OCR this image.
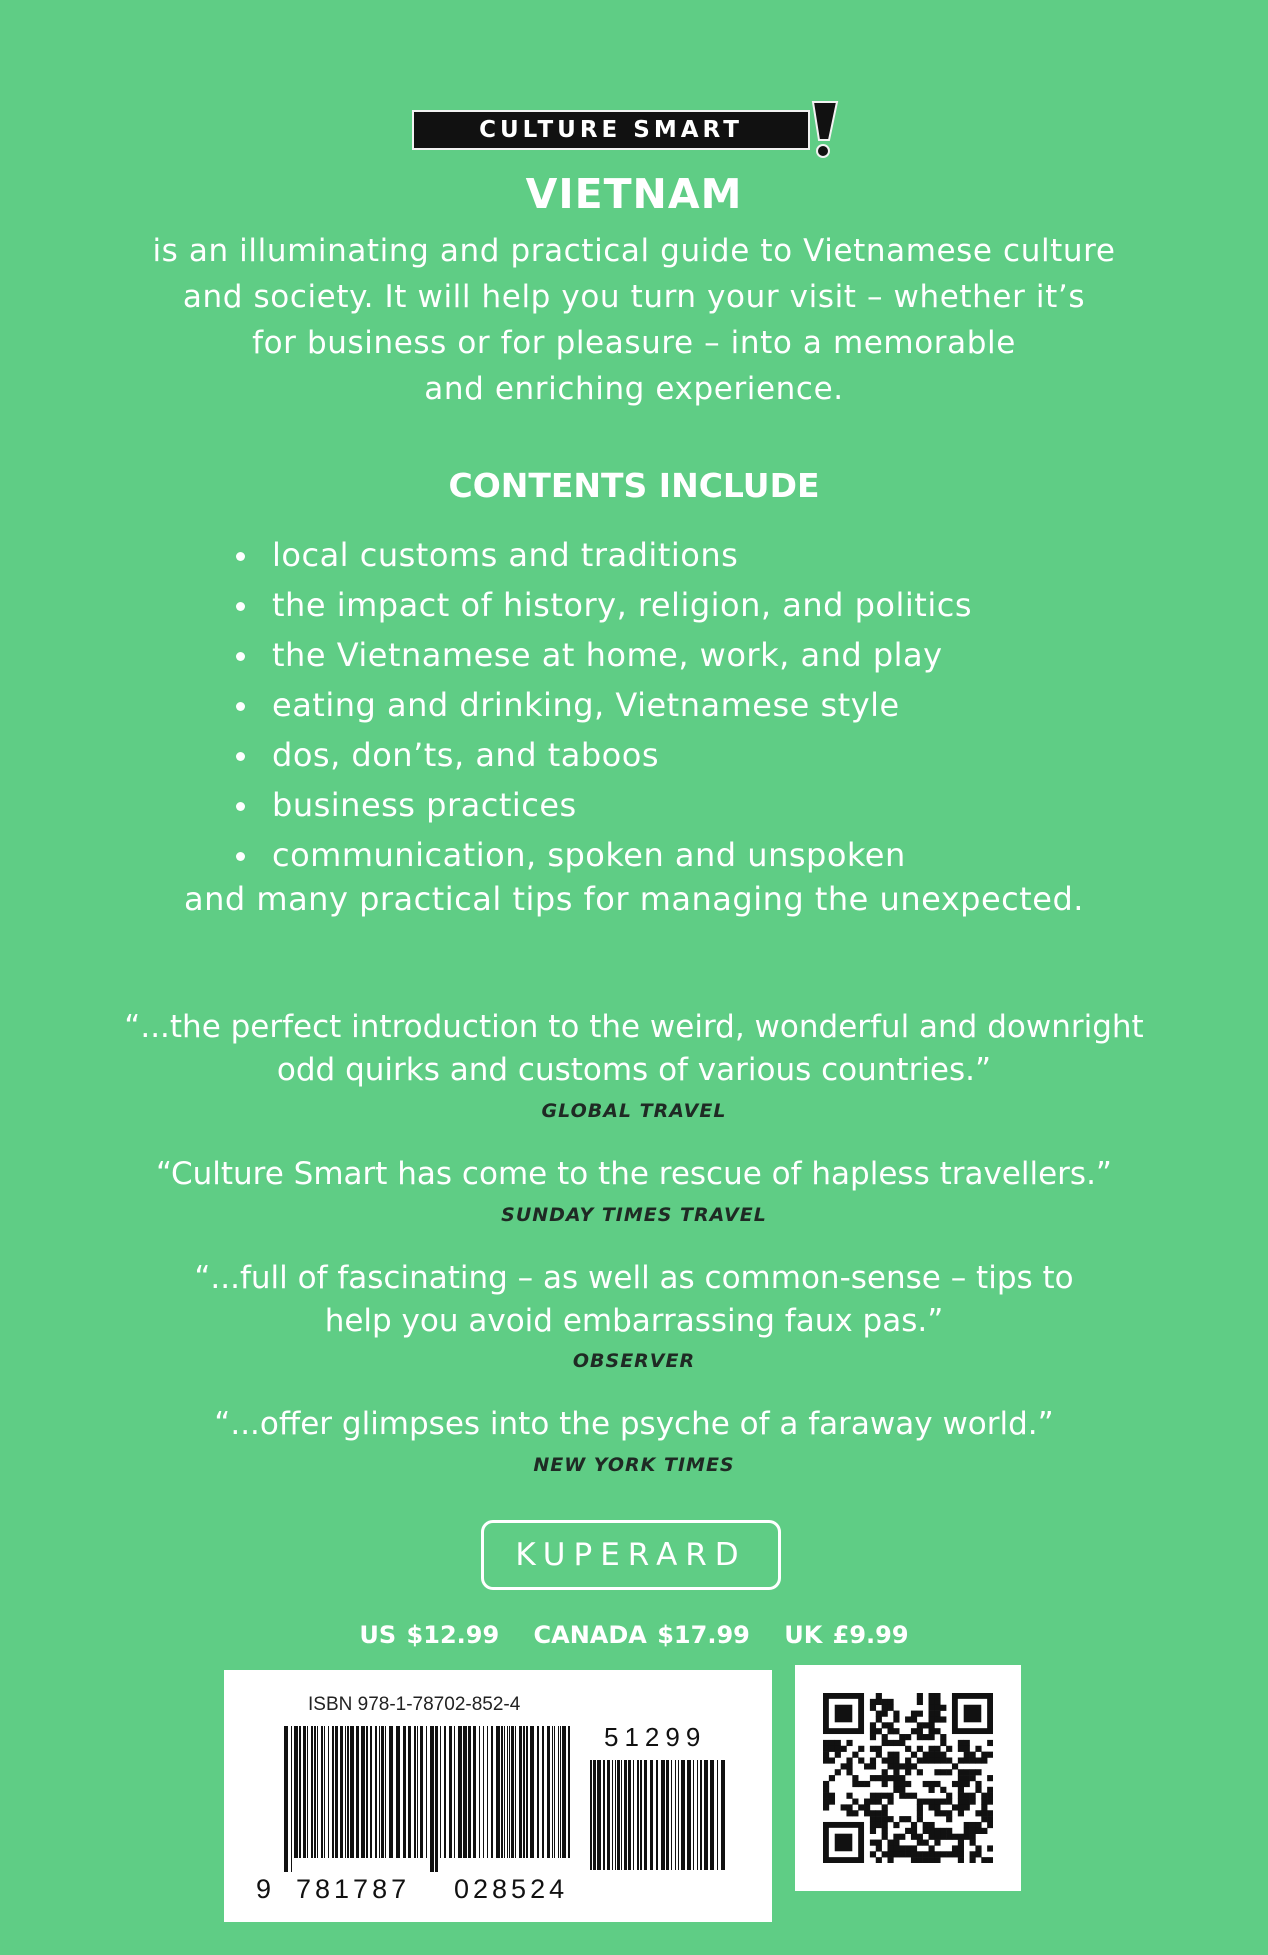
CULTURE SMART
VIETNAM
is an illuminating and practical guide to Vietnamese culture
and society. It will help you turn your visit – whether it’s
for business or for pleasure – into a memorable
and enriching experience.
CONTENTS INCLUDE
local customs and traditions
the impact of history, religion, and politics
the Vietnamese at home, work, and play
eating and drinking, Vietnamese style
dos, don’ts, and taboos
business practices
communication, spoken and unspoken
and many practical tips for managing the unexpected.
“...the perfect introduction to the weird, wonderful and downright
odd quirks and customs of various countries.”
GLOBAL TRAVEL
“Culture Smart has come to the rescue of hapless travellers.”
SUNDAY TIMES TRAVEL
“...full of fascinating – as well as common-sense – tips to
help you avoid embarrassing faux pas.”
OBSERVER
“...offer glimpses into the psyche of a faraway world.”
NEW YORK TIMES
KUPERARD
US $12.99 CANADA $17.99 UK £9.99
ISBN 978-1-78702-852-4
51299
9 781787	028524
